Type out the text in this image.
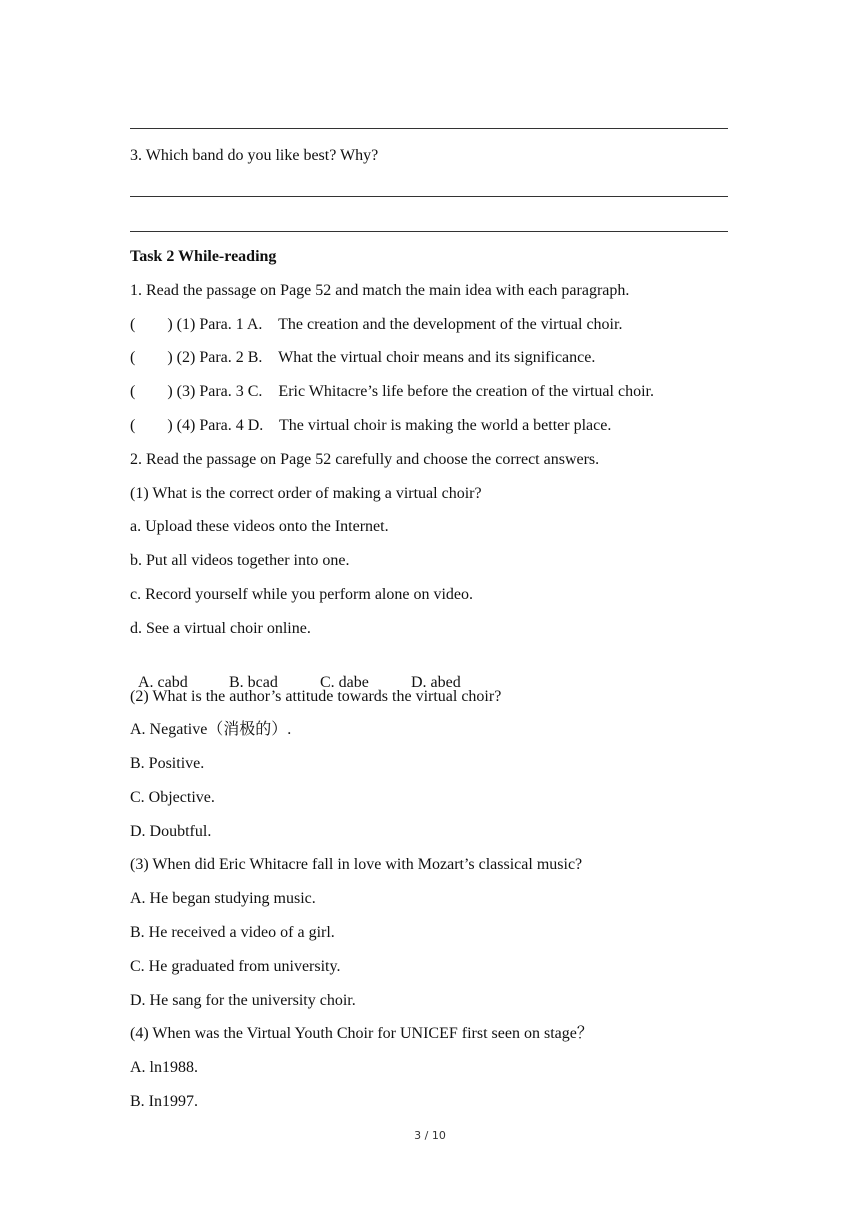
3. Which band do you like best? Why?
Task 2 While-reading
1. Read the passage on Page 52 and match the main idea with each paragraph.
(        ) (1) Para. 1 A.    The creation and the development of the virtual choir.
(        ) (2) Para. 2 B.    What the virtual choir means and its significance.
(        ) (3) Para. 3 C.    Eric Whitacre’s life before the creation of the virtual choir.
(        ) (4) Para. 4 D.    The virtual choir is making the world a better place.
2. Read the passage on Page 52 carefully and choose the correct answers.
(1) What is the correct order of making a virtual choir?
a. Upload these videos onto the Internet.
b. Put all videos together into one.
c. Record yourself while you perform alone on video.
d. See a virtual choir online.

A. cabd	B. bcad	C. dabe	D. abed

(2) What is the author’s attitude towards the virtual choir?
A. Negative（消极的）.
B. Positive.
C. Objective.
D. Doubtful.
(3) When did Eric Whitacre fall in love with Mozart’s classical music?
A. He began studying music.
B. He received a video of a girl.
C. He graduated from university.
D. He sang for the university choir.
(4) When was the Virtual Youth Choir for UNICEF first seen on stage？
A. ln1988.
B. In1997.
3 / 10
